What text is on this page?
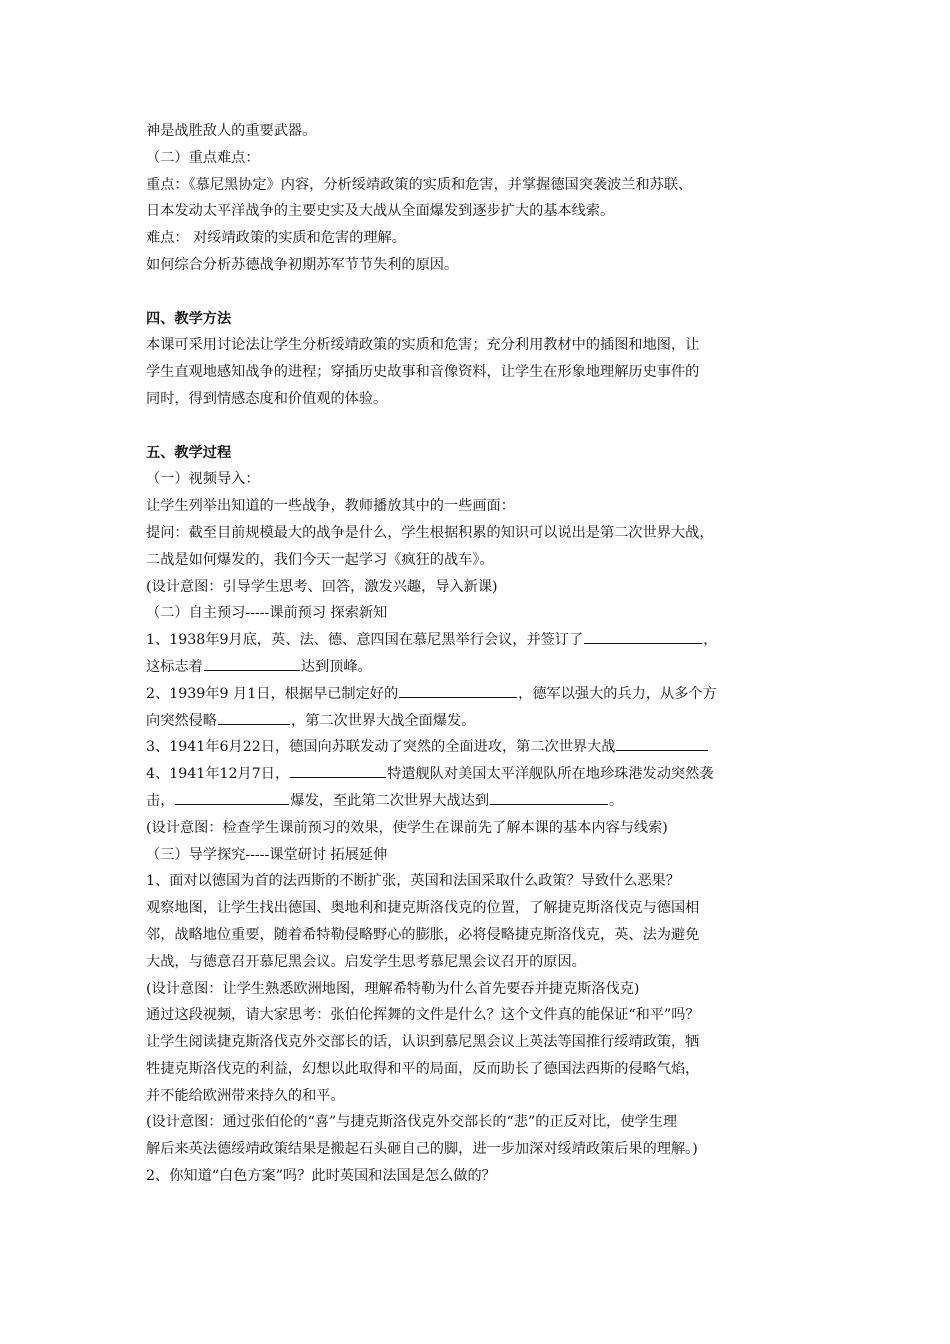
神是战胜敌人的重要武器。
（二）重点难点：
重点：《慕尼黑协定》内容，分析绥靖政策的实质和危害，并掌握德国突袭波兰和苏联、
日本发动太平洋战争的主要史实及大战从全面爆发到逐步扩大的基本线索。
难点： 对绥靖政策的实质和危害的理解。
如何综合分析苏德战争初期苏军节节失利的原因。
四、教学方法
本课可采用讨论法让学生分析绥靖政策的实质和危害；充分利用教材中的插图和地图，让
学生直观地感知战争的进程；穿插历史故事和音像资料，让学生在形象地理解历史事件的
同时，得到情感态度和价值观的体验。
五、教学过程
（一）视频导入：
让学生列举出知道的一些战争，教师播放其中的一些画面：
提问：截至目前规模最大的战争是什么，学生根据积累的知识可以说出是第二次世界大战，
二战是如何爆发的，我们今天一起学习《疯狂的战车》。
(设计意图：引导学生思考、回答，激发兴趣，导入新课)
（二）自主预习-----课前预习 探索新知
1、1938年9月底，英、法、德、意四国在慕尼黑举行会议，并签订了	，
这标志着	达到顶峰。
2、1939年9 月1日，根据早已制定好的	，德军以强大的兵力，从多个方
向突然侵略	，第二次世界大战全面爆发。
3、1941年6月22日，德国向苏联发动了突然的全面进攻，第二次世界大战
4、1941年12月7日，	特遣舰队对美国太平洋舰队所在地珍珠港发动突然袭
击，	爆发，至此第二次世界大战达到	。
(设计意图：检查学生课前预习的效果，使学生在课前先了解本课的基本内容与线索)
（三）导学探究-----课堂研讨 拓展延伸
1、面对以德国为首的法西斯的不断扩张，英国和法国采取什么政策？导致什么恶果？
观察地图，让学生找出德国、奥地利和捷克斯洛伐克的位置，了解捷克斯洛伐克与德国相
邻，战略地位重要，随着希特勒侵略野心的膨胀，必将侵略捷克斯洛伐克，英、法为避免
大战，与德意召开慕尼黑会议。启发学生思考慕尼黑会议召开的原因。
(设计意图：让学生熟悉欧洲地图，理解希特勒为什么首先要吞并捷克斯洛伐克)
通过这段视频，请大家思考：张伯伦挥舞的文件是什么？这个文件真的能保证“和平”吗？
让学生阅读捷克斯洛伐克外交部长的话，认识到慕尼黑会议上英法等国推行绥靖政策，牺
牲捷克斯洛伐克的利益，幻想以此取得和平的局面，反而助长了德国法西斯的侵略气焰，
并不能给欧洲带来持久的和平。
(设计意图：通过张伯伦的“喜”与捷克斯洛伐克外交部长的“悲”的正反对比，使学生理
解后来英法德绥靖政策结果是搬起石头砸自己的脚，进一步加深对绥靖政策后果的理解。)
2、你知道“白色方案”吗？此时英国和法国是怎么做的？
